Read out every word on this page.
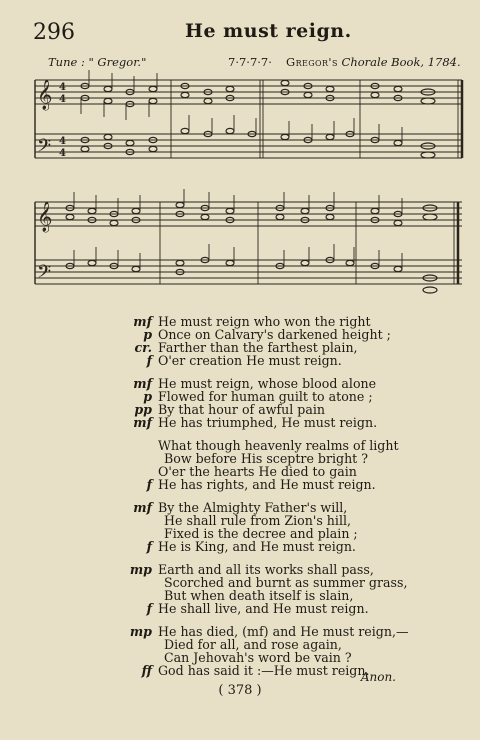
296	He must reign.
Tune : " Gregor."	7·7·7·7· Gregor's Chorale Book, 1784.
𝄞
𝄢
4
4
4
4
𝄞
𝄢
mf He must reign who won the right
p Once on Calvary's darkened height ;
cr. Farther than the farthest plain,
f O'er creation He must reign.
mf He must reign, whose blood alone
p Flowed for human guilt to atone ;
pp By that hour of awful pain
mf He has triumphed, He must reign.
What though heavenly realms of light
Bow before His sceptre bright ?
O'er the hearts He died to gain
f He has rights, and He must reign.
mf By the Almighty Father's will,
He shall rule from Zion's hill,
Fixed is the decree and plain ;
f He is King, and He must reign.
mp Earth and all its works shall pass,
Scorched and burnt as summer grass,
But when death itself is slain,
f He shall live, and He must reign.
mp He has died, (mf) and He must reign,—
Died for all, and rose again,
Can Jehovah's word be vain ?
ff God has said it :—He must reign.
Anon.
( 378 )
